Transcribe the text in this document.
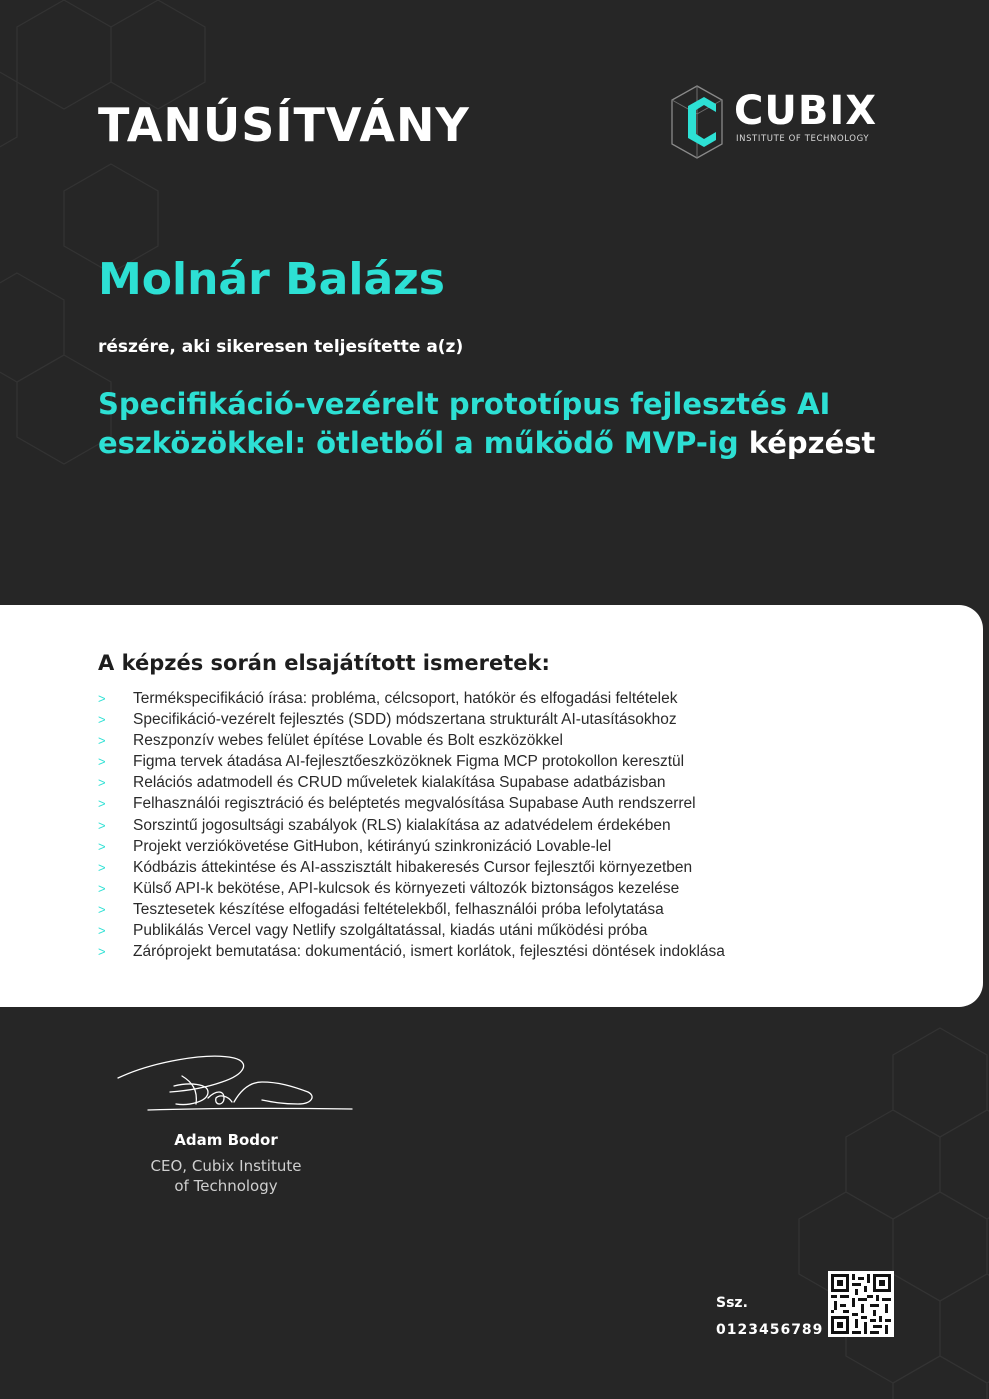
TANÚSÍTVÁNY	CUBIX
INSTITUTE OF TECHNOLOGY
Molnár Balázs
részére, aki sikeresen teljesítette a(z)
Specifikáció-vezérelt prototípus fejlesztés AI eszközökkel: ötletből a működő MVP-ig képzést
A képzés során elsajátított ismeretek:
> Termékspecifikáció írása: probléma, célcsoport, hatókör és elfogadási feltételek
> Specifikáció-vezérelt fejlesztés (SDD) módszertana strukturált AI-utasításokhoz
> Reszponzív webes felület építése Lovable és Bolt eszközökkel
> Figma tervek átadása AI-fejlesztőeszközöknek Figma MCP protokollon keresztül
> Relációs adatmodell és CRUD műveletek kialakítása Supabase adatbázisban
> Felhasználói regisztráció és beléptetés megvalósítása Supabase Auth rendszerrel
> Sorszintű jogosultsági szabályok (RLS) kialakítása az adatvédelem érdekében
> Projekt verziókövetése GitHubon, kétirányú szinkronizáció Lovable-lel
> Kódbázis áttekintése és AI-asszisztált hibakeresés Cursor fejlesztői környezetben
> Külső API-k bekötése, API-kulcsok és környezeti változók biztonságos kezelése
> Tesztesetek készítése elfogadási feltételekből, felhasználói próba lefolytatása
> Publikálás Vercel vagy Netlify szolgáltatással, kiadás utáni működési próba
> Záróprojekt bemutatása: dokumentáció, ismert korlátok, fejlesztési döntések indoklása
Adam Bodor
CEO, Cubix Institute
of Technology
Ssz.
0123456789
